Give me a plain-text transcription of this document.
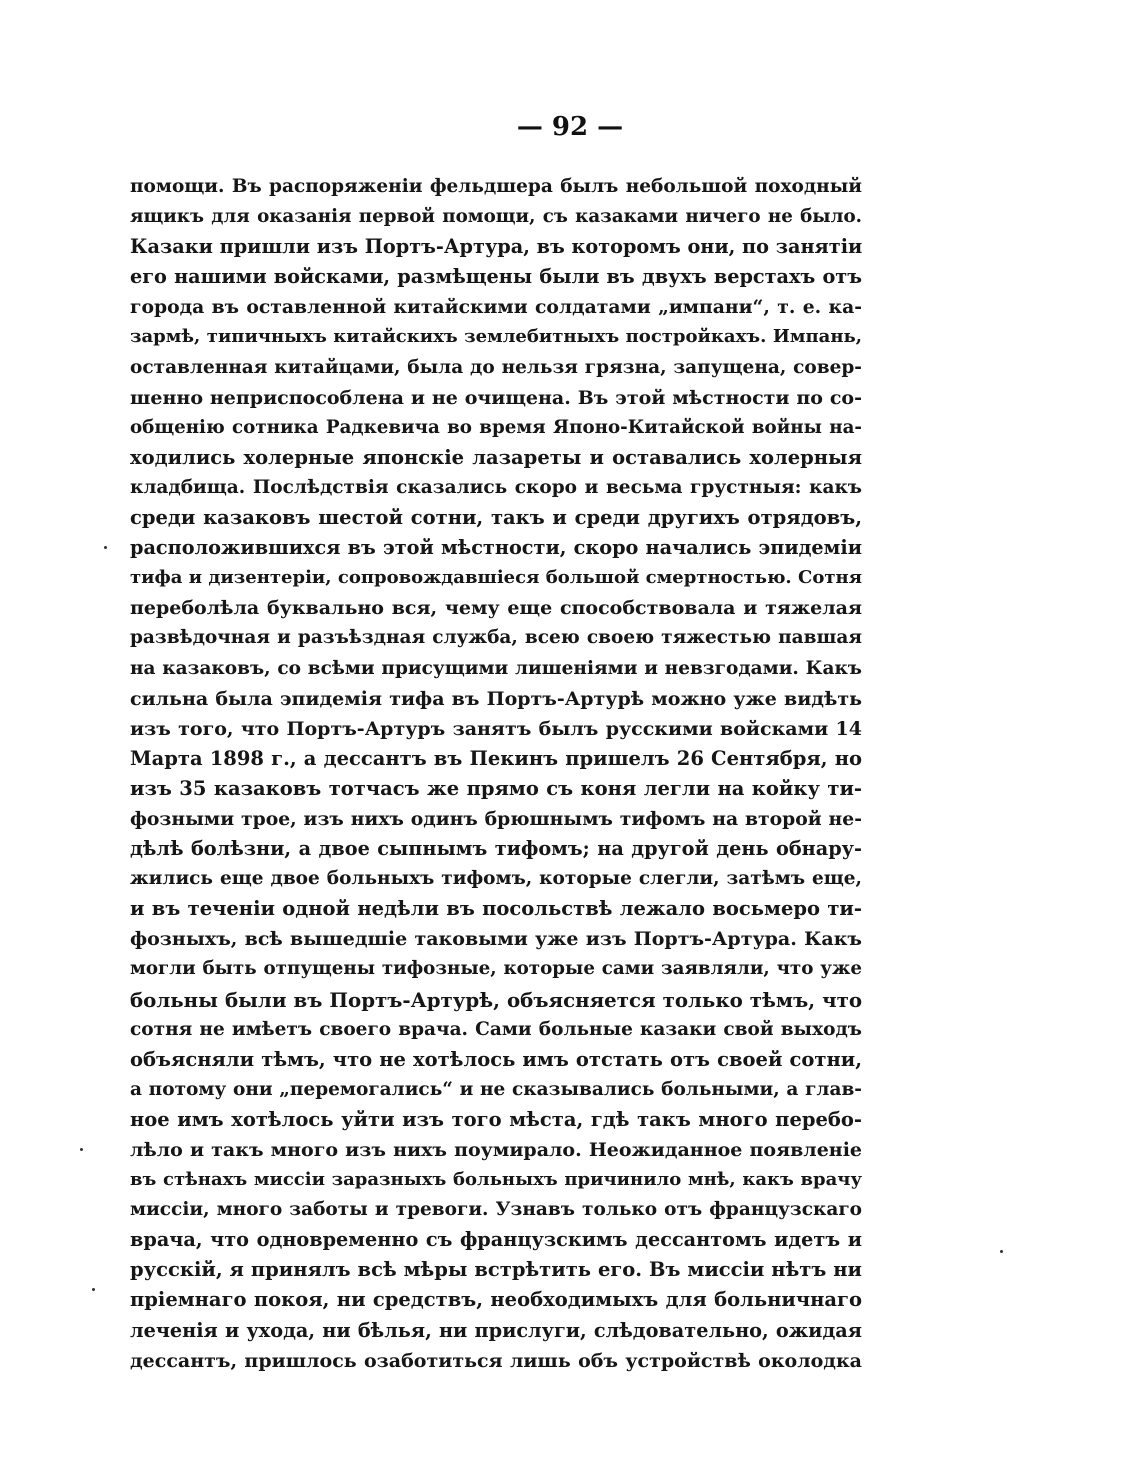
— 92 —
помощи. Въ распоряженіи фельдшера былъ небольшой походный
ящикъ для оказанія первой помощи, съ казаками ничего не было.
Казаки пришли изъ Портъ-Артура, въ которомъ они, по занятіи
его нашими войсками, размѣщены были въ двухъ верстахъ отъ
города въ оставленной китайскими солдатами „импани“, т. е. ка-
зармѣ, типичныхъ китайскихъ землебитныхъ постройкахъ. Импань,
оставленная китайцами, была до нельзя грязна, запущена, совер-
шенно неприспособлена и не очищена. Въ этой мѣстности по со-
общенію сотника Радкевича во время Японо-Китайской войны на-
ходились холерные японскіе лазареты и оставались холерныя
кладбища. Послѣдствія сказались скоро и весьма грустныя: какъ
среди казаковъ шестой сотни, такъ и среди другихъ отрядовъ,
расположившихся въ этой мѣстности, скоро начались эпидеміи
тифа и дизентеріи, сопровождавшіеся большой смертностью. Сотня
переболѣла буквально вся, чему еще способствовала и тяжелая
развѣдочная и разъѣздная служба, всею своею тяжестью павшая
на казаковъ, со всѣми присущими лишеніями и невзгодами. Какъ
сильна была эпидемія тифа въ Портъ-Артурѣ можно уже видѣть
изъ того, что Портъ-Артуръ занятъ былъ русскими войсками 14
Марта 1898 г., а дессантъ въ Пекинъ пришелъ 26 Сентября, но
изъ 35 казаковъ тотчасъ же прямо съ коня легли на койку ти-
фозными трое, изъ нихъ одинъ брюшнымъ тифомъ на второй не-
дѣлѣ болѣзни, а двое сыпнымъ тифомъ; на другой день обнару-
жились еще двое больныхъ тифомъ, которые слегли, затѣмъ еще,
и въ теченіи одной недѣли въ посольствѣ лежало восьмеро ти-
фозныхъ, всѣ вышедшіе таковыми уже изъ Портъ-Артура. Какъ
могли быть отпущены тифозные, которые сами заявляли, что уже
больны были въ Портъ-Артурѣ, объясняется только тѣмъ, что
сотня не имѣетъ своего врача. Сами больные казаки свой выходъ
объясняли тѣмъ, что не хотѣлось имъ отстать отъ своей сотни,
а потому они „перемогались“ и не сказывались больными, а глав-
ное имъ хотѣлось уйти изъ того мѣста, гдѣ такъ много перебо-
лѣло и такъ много изъ нихъ поумирало. Неожиданное появленіе
въ стѣнахъ миссіи заразныхъ больныхъ причинило мнѣ, какъ врачу
миссіи, много заботы и тревоги. Узнавъ только отъ французскаго
врача, что одновременно съ французскимъ дессантомъ идетъ и
русскій, я принялъ всѣ мѣры встрѣтить его. Въ миссіи нѣтъ ни
пріемнаго покоя, ни средствъ, необходимыхъ для больничнаго
леченія и ухода, ни бѣлья, ни прислуги, слѣдовательно, ожидая
дессантъ, пришлось озаботиться лишь объ устройствѣ околодка
